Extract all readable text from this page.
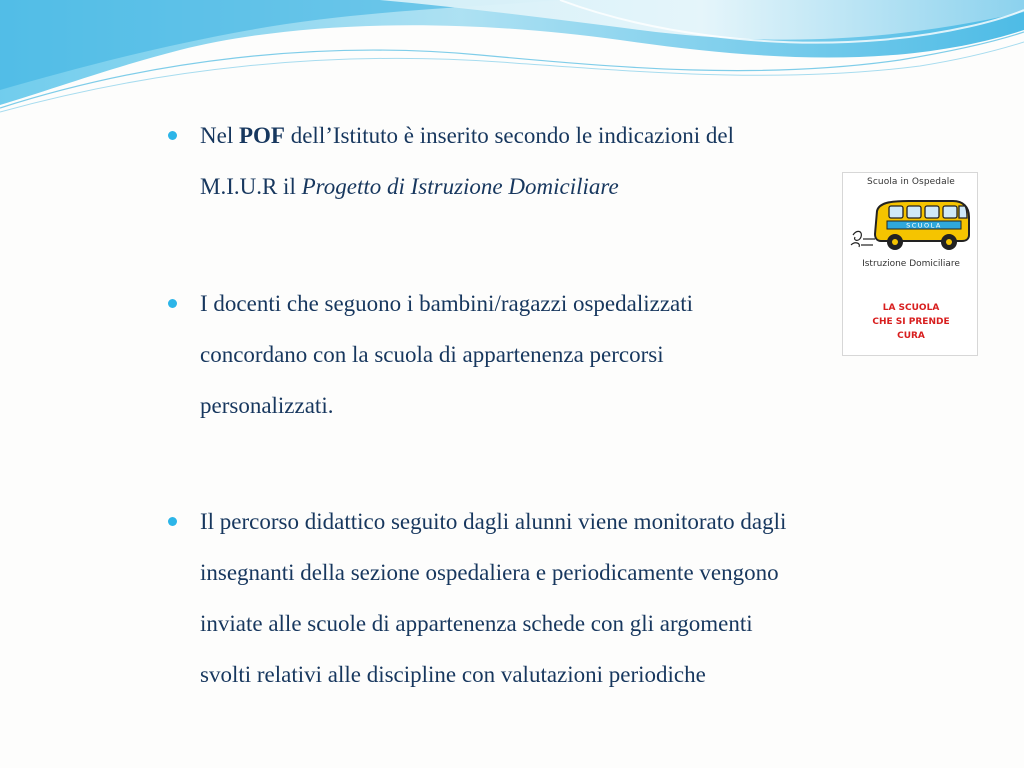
Nel POF dell’Istituto è inserito secondo le indicazioni del
M.I.U.R il Progetto di Istruzione Domiciliare
I docenti che seguono i bambini/ragazzi ospedalizzati
concordano con la scuola di appartenenza percorsi
personalizzati.
Il percorso didattico seguito dagli alunni viene monitorato dagli
insegnanti della sezione ospedaliera e periodicamente vengono
inviate alle scuole di appartenenza schede con gli argomenti
svolti relativi alle discipline con valutazioni periodiche
Scuola in Ospedale
SCUOLA
Istruzione Domiciliare
LA SCUOLA
CHE SI PRENDE
CURA
